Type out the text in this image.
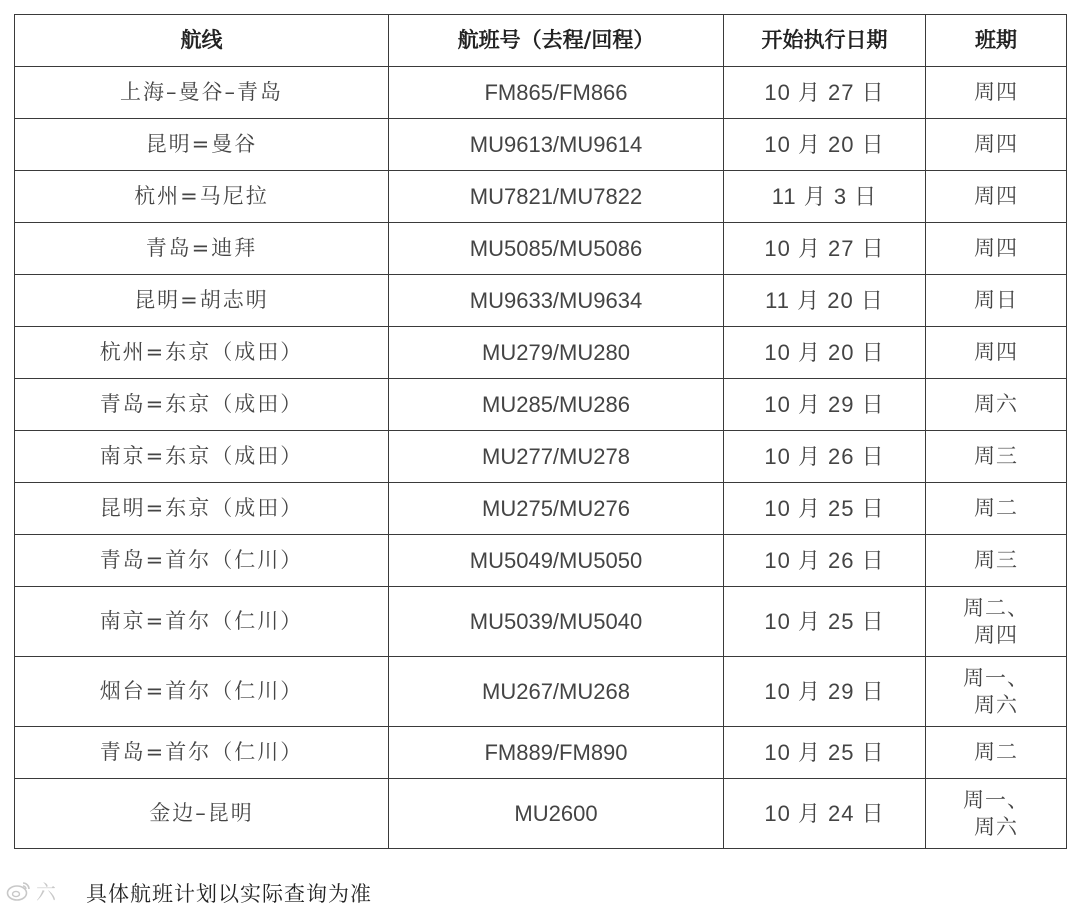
航线	航班号（去程/回程）	开始执行日期	班期
上海–曼谷–青岛	FM865/FM866	10 月 27 日	周四

昆明=曼谷	MU9613/MU9614	10 月 20 日	周四

杭州=马尼拉	MU7821/MU7822	11 月 3 日	周四

青岛=迪拜	MU5085/MU5086	10 月 27 日	周四

昆明=胡志明	MU9633/MU9634	11 月 20 日	周日

杭州=东京（成田）	MU279/MU280	10 月 20 日	周四

青岛=东京（成田）	MU285/MU286	10 月 29 日	周六

南京=东京（成田）	MU277/MU278	10 月 26 日	周三

昆明=东京（成田）	MU275/MU276	10 月 25 日	周二

青岛=首尔（仁川）	MU5049/MU5050	10 月 26 日	周三

南京=首尔（仁川）	MU5039/MU5040	10 月 25 日	周二、
周四

烟台=首尔（仁川）	MU267/MU268	10 月 29 日	周一、
周六

青岛=首尔（仁川）	FM889/FM890	10 月 25 日	周二

金边–昆明	MU2600	10 月 24 日	周一、
周六
六 具体航班计划以实际查询为准
